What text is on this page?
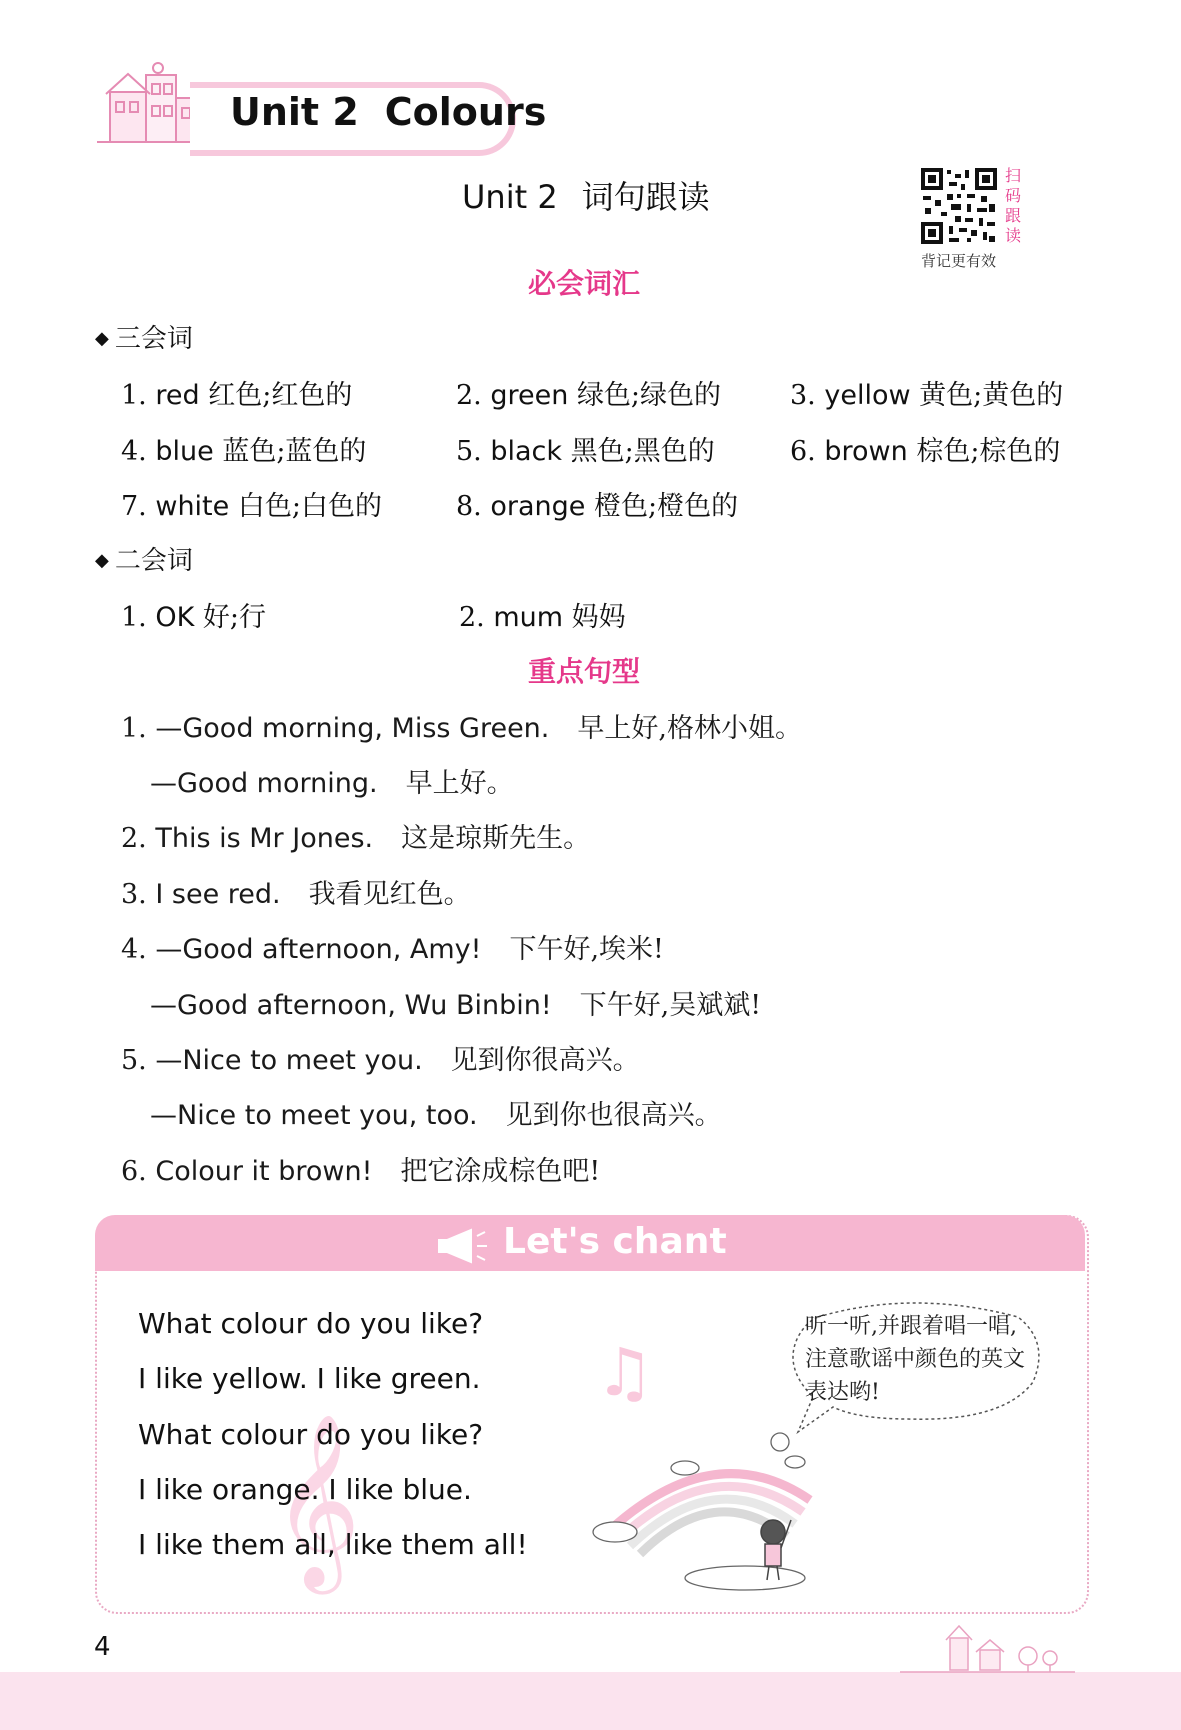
Unit 2 Colours
Unit 2 词句跟读
扫
码
跟
读
背记更有效
必会词汇
◆ 三会词
1. red 红色;红色的	2. green 绿色;绿色的	3. yellow 黄色;黄色的
4. blue 蓝色;蓝色的	5. black 黑色;黑色的	6. brown 棕色;棕色的
7. white 白色;白色的	8. orange 橙色;橙色的
◆ 二会词
1. OK 好;行	2. mum 妈妈
重点句型
1. —Good morning, Miss Green. 早上好,格林小姐。
—Good morning. 早上好。
2. This is Mr Jones. 这是琼斯先生。
3. I see red. 我看见红色。
4. —Good afternoon, Amy! 下午好,埃米!
—Good afternoon, Wu Binbin! 下午好,吴斌斌!
5. —Nice to meet you. 见到你很高兴。
—Nice to meet you, too. 见到你也很高兴。
6. Colour it brown! 把它涂成棕色吧!
Let's chant
𝄞
♫
What colour do you like?
I like yellow. I like green.
What colour do you like?
I like orange. I like blue.
I like them all, like them all!
听一听,并跟着唱一唱,注意歌谣中颜色的英文表达哟!
4
